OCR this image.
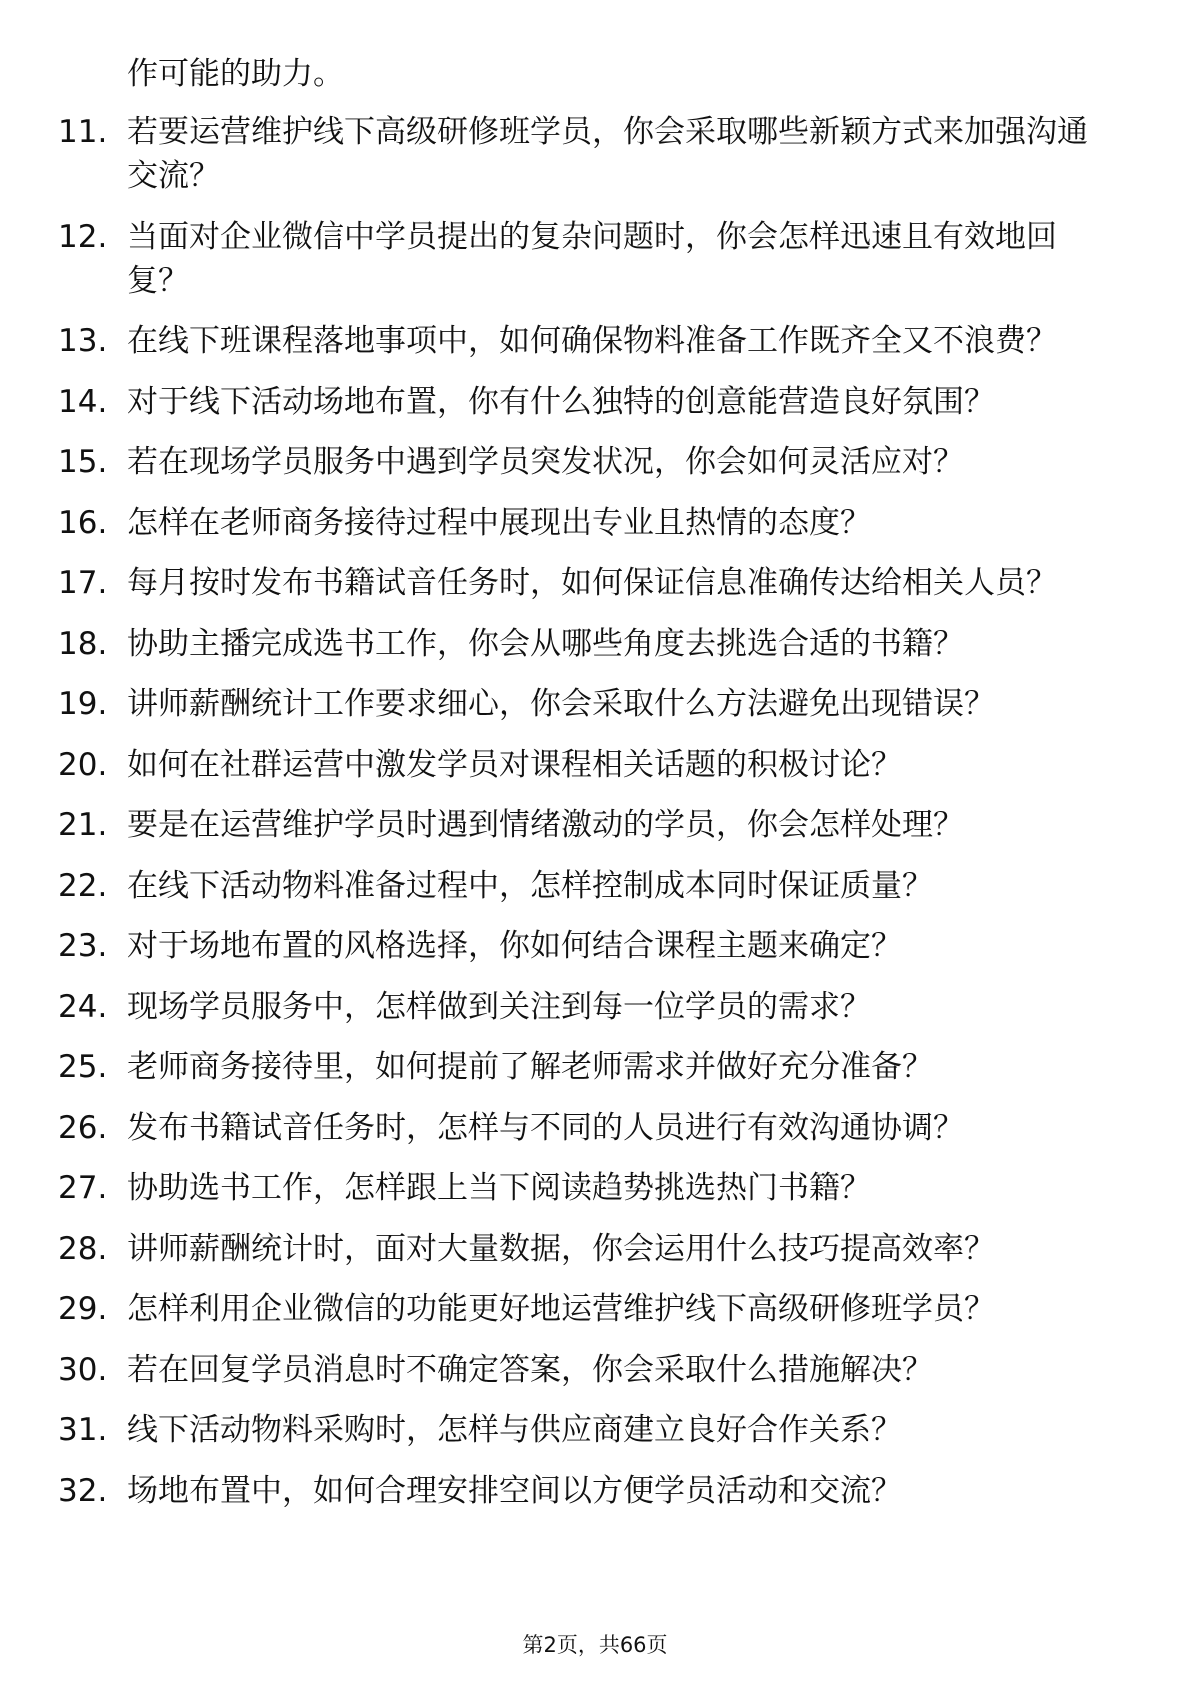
作可能的助力。
11. 若要运营维护线下高级研修班学员，你会采取哪些新颖方式来加强沟通交流？
12. 当面对企业微信中学员提出的复杂问题时，你会怎样迅速且有效地回复？
13. 在线下班课程落地事项中，如何确保物料准备工作既齐全又不浪费？
14. 对于线下活动场地布置，你有什么独特的创意能营造良好氛围？
15. 若在现场学员服务中遇到学员突发状况，你会如何灵活应对？
16. 怎样在老师商务接待过程中展现出专业且热情的态度？
17. 每月按时发布书籍试音任务时，如何保证信息准确传达给相关人员？
18. 协助主播完成选书工作，你会从哪些角度去挑选合适的书籍？
19. 讲师薪酬统计工作要求细心，你会采取什么方法避免出现错误？
20. 如何在社群运营中激发学员对课程相关话题的积极讨论？
21. 要是在运营维护学员时遇到情绪激动的学员，你会怎样处理？
22. 在线下活动物料准备过程中，怎样控制成本同时保证质量？
23. 对于场地布置的风格选择，你如何结合课程主题来确定？
24. 现场学员服务中，怎样做到关注到每一位学员的需求？
25. 老师商务接待里，如何提前了解老师需求并做好充分准备？
26. 发布书籍试音任务时，怎样与不同的人员进行有效沟通协调？
27. 协助选书工作，怎样跟上当下阅读趋势挑选热门书籍？
28. 讲师薪酬统计时，面对大量数据，你会运用什么技巧提高效率？
29. 怎样利用企业微信的功能更好地运营维护线下高级研修班学员？
30. 若在回复学员消息时不确定答案，你会采取什么措施解决？
31. 线下活动物料采购时，怎样与供应商建立良好合作关系？
32. 场地布置中，如何合理安排空间以方便学员活动和交流？
第2页，共66页
